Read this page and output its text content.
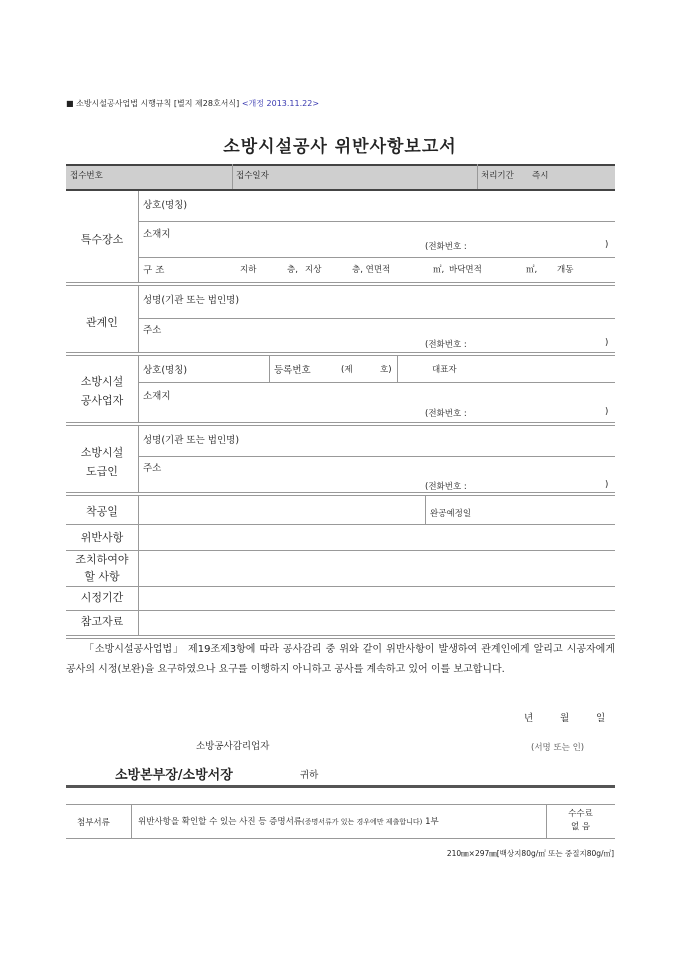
■ 소방시설공사업법 시행규칙 [별지 제28호서식] <개정 2013.11.22>
소방시설공사 위반사항보고서
접수번호	접수일자	처리기간 즉시
특수장소
상호(명칭)
소재지
(전화번호 :	)
구 조	지하	층, 지상	층, 연면적	㎡, 바닥면적	㎡, 개동
관계인
성명(기관 또는 법인명)
주소
(전화번호 :	)
소방시설
공사업자
상호(명칭)	등록번호	(제	호)	대표자
소재지
(전화번호 :	)
소방시설
도급인
성명(기관 또는 법인명)
주소
(전화번호 :	)
착공일	완공예정일
위반사항
조치하여야
할 사항
시정기간
참고자료
「소방시설공사업법」 제19조제3항에 따라 공사감리 중 위와 같이 위반사항이 발생하여 관계인에게 알리고 시공자에게 공사의 시정(보완)을 요구하였으나 요구를 이행하지 아니하고 공사를 계속하고 있어 이를 보고합니다.
년	월	일
소방공사감리업자	(서명 또는 인)
소방본부장/소방서장	귀하
첨부서류	위반사항을 확인할 수 있는 사진 등 증명서류(증명서류가 있는 경우에만 제출합니다) 1부
수수료
없 음
210㎜×297㎜[백상지80g/㎡ 또는 중질지80g/㎡]
